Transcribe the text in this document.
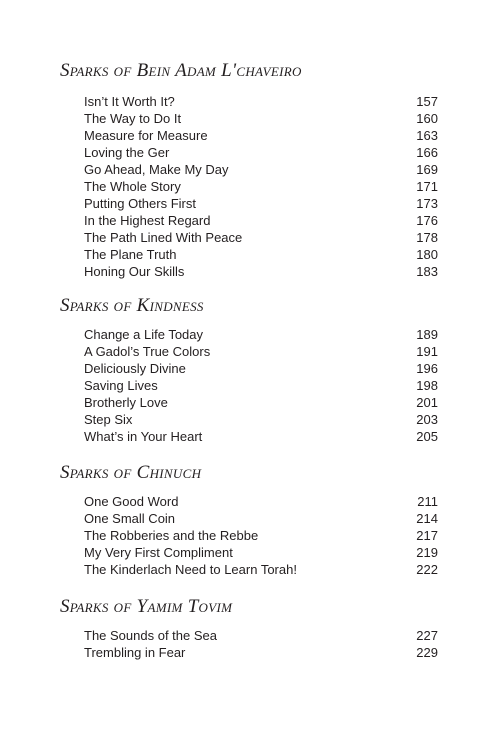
Sparks of Bein Adam L'chaveiro
Isn’t It Worth It?	157
The Way to Do It	160
Measure for Measure	163
Loving the Ger	166
Go Ahead, Make My Day	169
The Whole Story	171
Putting Others First	173
In the Highest Regard	176
The Path Lined With Peace	178
The Plane Truth	180
Honing Our Skills	183
Sparks of Kindness
Change a Life Today	189
A Gadol’s True Colors	191
Deliciously Divine	196
Saving Lives	198
Brotherly Love	201
Step Six	203
What’s in Your Heart	205
Sparks of Chinuch
One Good Word	211
One Small Coin	214
The Robberies and the Rebbe	217
My Very First Compliment	219
The Kinderlach Need to Learn Torah!	222
Sparks of Yamim Tovim
The Sounds of the Sea	227
Trembling in Fear	229
